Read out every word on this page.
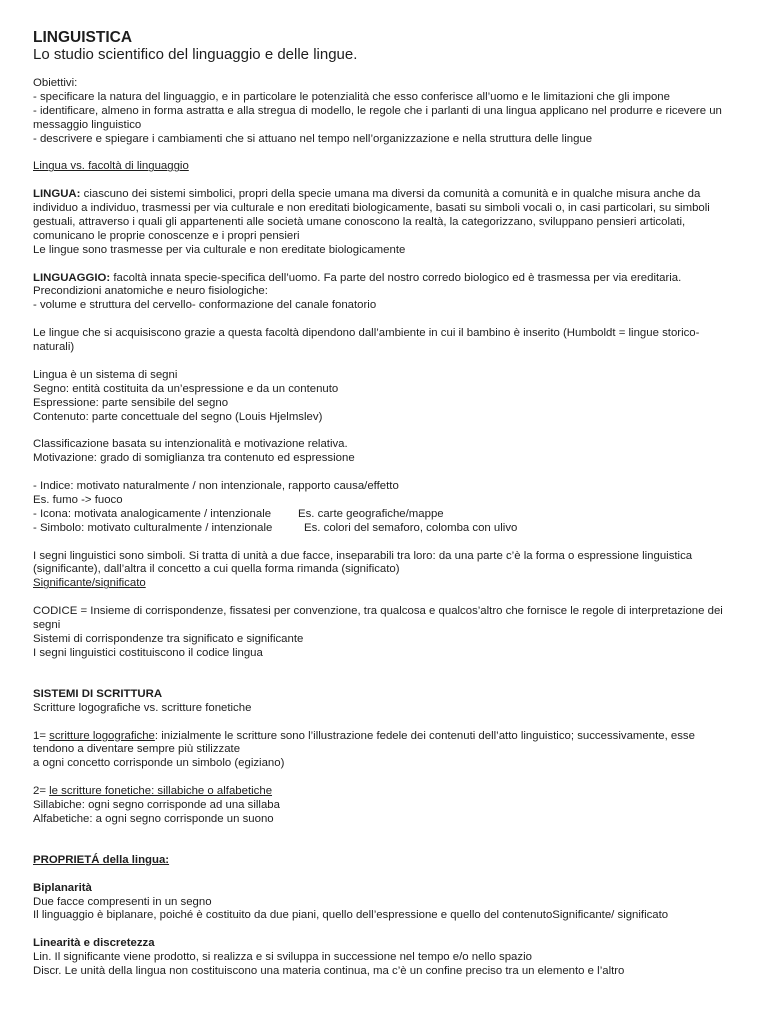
LINGUISTICA

Lo studio scientifico del linguaggio e delle lingue.

Obiettivi:

- specificare la natura del linguaggio, e in particolare le potenzialità che esso conferisce all’uomo e le limitazioni che gli impone

- identificare, almeno in forma astratta e alla stregua di modello, le regole che i parlanti di una lingua applicano nel produrre e ricevere un messaggio linguistico

- descrivere e spiegare i cambiamenti che si attuano nel tempo nell’organizzazione e nella struttura delle lingue

Lingua vs. facoltà di linguaggio

LINGUA: ciascuno dei sistemi simbolici, propri della specie umana ma diversi da comunità a comunità e in qualche misura anche da individuo a individuo, trasmessi per via culturale e non ereditati biologicamente, basati su simboli vocali o, in casi particolari, su simboli gestuali, attraverso i quali gli appartenenti alle società umane conoscono la realtà, la categorizzano, sviluppano pensieri articolati, comunicano le proprie conoscenze e i propri pensieri

Le lingue sono trasmesse per via culturale e non ereditate biologicamente

LINGUAGGIO: facoltà innata specie-specifica dell’uomo. Fa parte del nostro corredo biologico ed è trasmessa per via ereditaria.

Precondizioni anatomiche e neuro fisiologiche:

- volume e struttura del cervello- conformazione del canale fonatorio

Le lingue che si acquisiscono grazie a questa facoltà dipendono dall’ambiente in cui il bambino è inserito (Humboldt = lingue storico-naturali)

Lingua è un sistema di segni

Segno: entità costituita da un’espressione e da un contenuto

Espressione: parte sensibile del segno

Contenuto: parte concettuale del segno (Louis Hjelmslev)

Classificazione basata su intenzionalità e motivazione relativa.

Motivazione: grado di somiglianza tra contenuto ed espressione

- Indice: motivato naturalmente / non intenzionale, rapporto causa/effetto

Es. fumo -> fuoco

- Icona: motivata analogicamente / intenzionale Es. carte geografiche/mappe

- Simbolo: motivato culturalmente / intenzionale	Es. colori del semaforo, colomba con ulivo

I segni linguistici sono simboli. Si tratta di unità a due facce, inseparabili tra loro: da una parte c’è la forma o espressione linguistica (significante), dall’altra il concetto a cui quella forma rimanda (significato)

Significante/significato

CODICE = Insieme di corrispondenze, fissatesi per convenzione, tra qualcosa e qualcos’altro che fornisce le regole di interpretazione dei segni

Sistemi di corrispondenze tra significato e significante

I segni linguistici costituiscono il codice lingua

SISTEMI DI SCRITTURA

Scritture logografiche vs. scritture fonetiche

1= scritture logografiche: inizialmente le scritture sono l’illustrazione fedele dei contenuti dell’atto linguistico; successivamente, esse tendono a diventare sempre più stilizzate

a ogni concetto corrisponde un simbolo (egiziano)

2= le scritture fonetiche: sillabiche o alfabetiche

Sillabiche: ogni segno corrisponde ad una sillaba

Alfabetiche: a ogni segno corrisponde un suono

PROPRIETÁ della lingua:

Biplanarità

Due facce compresenti in un segno

Il linguaggio è biplanare, poiché è costituito da due piani, quello dell’espressione e quello del contenutoSignificante/ significato

Linearità e discretezza

Lin. Il significante viene prodotto, si realizza e si sviluppa in successione nel tempo e/o nello spazio

Discr. Le unità della lingua non costituiscono una materia continua, ma c’è un confine preciso tra un elemento e l’altro
